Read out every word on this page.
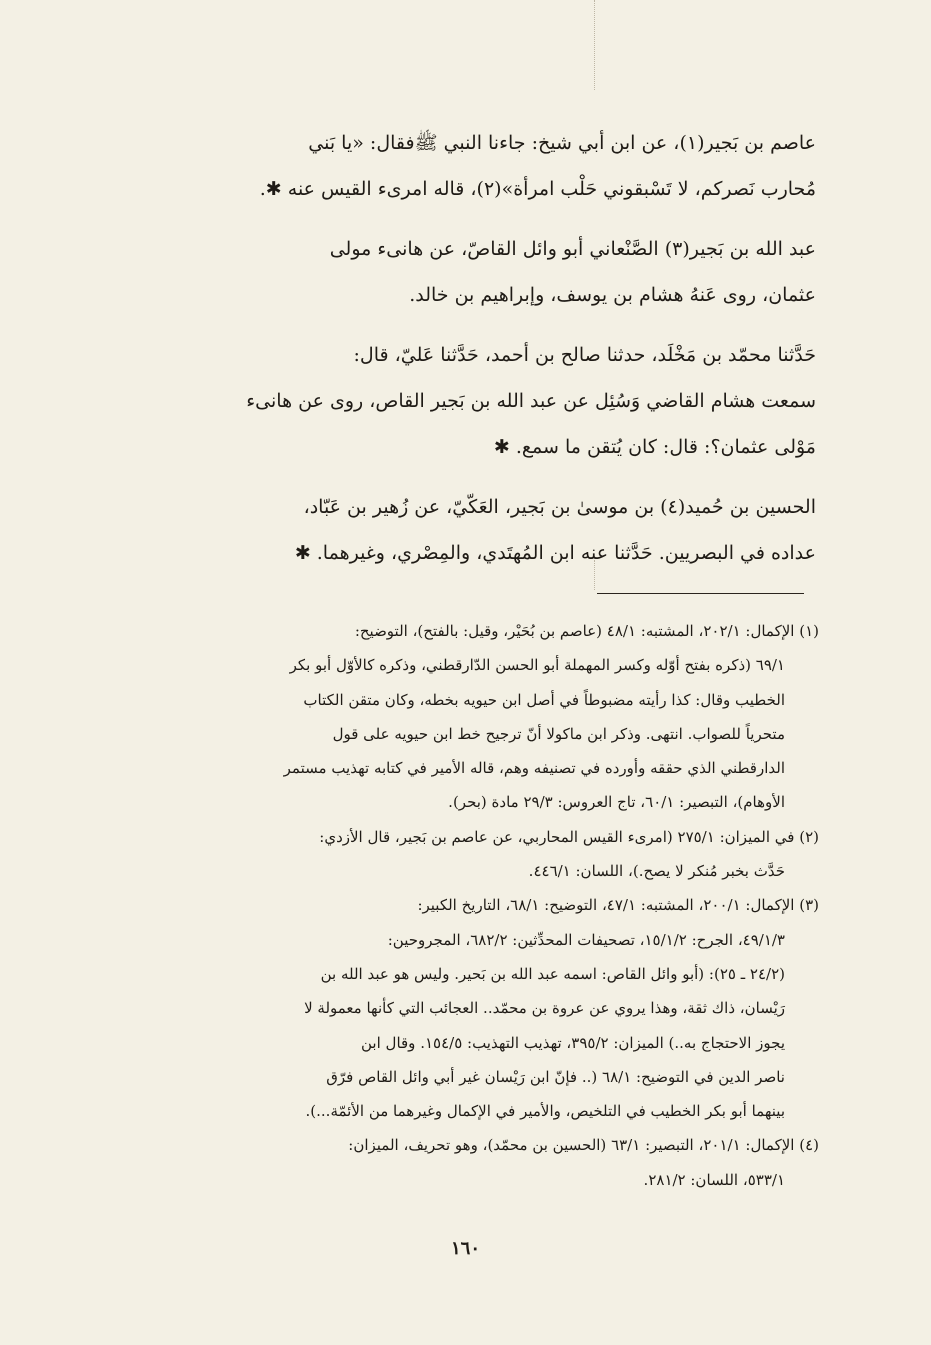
عاصم بن بَجير(١)، عن ابن أبي شيخ: جاءنا النبي ﷺفقال: «يا بَني
مُحارب نَصركم، لا تَسْبقوني حَلْب امرأة»(٢)، قاله امرىء القيس عنه ✱.
عبد الله بن بَجير(٣) الصَّنْعاني أبو وائل القاصّ، عن هانىء مولى
عثمان، روى عَنهُ هشام بن يوسف، وإبراهيم بن خالد.
حَدَّثنا محمّد بن مَخْلَد، حدثنا صالح بن أحمد، حَدَّثنا عَليّ، قال:
سمعت هشام القاضي وَسُئِل عن عبد الله بن بَجير القاص، روى عن هانىء
مَوْلى عثمان؟: قال: كان يُتقن ما سمع. ✱
الحسين بن حُميد(٤) بن موسىٰ بن بَجير، العَكّيّ، عن زُهير بن عَبّاد،
عداده في البصريين. حَدَّثنا عنه ابن المُهتَدي، والمِصْري، وغيرهما. ✱
(١) الإكمال: ٢٠٢/١، المشتبه: ٤٨/١ (عاصم بن بُحَيْر، وقيل: بالفتح)، التوضيح:
٦٩/١ (ذكره بفتح أوّله وكسر المهملة أبو الحسن الدّارقطني، وذكره كالأوّل أبو بكر
الخطيب وقال: كذا رأيته مضبوطاً في أصل ابن حيويه بخطه، وكان متقن الكتاب
متحرياً للصواب. انتهى. وذكر ابن ماكولا أنّ ترجيح خط ابن حيويه على قول
الدارقطني الذي حققه وأورده في تصنيفه وهم، قاله الأمير في كتابه تهذيب مستمر
الأوهام)، التبصير: ٦٠/١، تاج العروس: ٢٩/٣ مادة (بحر).
(٢) في الميزان: ٢٧٥/١ (امرىء القيس المحاربي، عن عاصم بن بَجير، قال الأزدي:
حَدَّث بخبر مُنكر لا يصح.)، اللسان: ٤٤٦/١.
(٣) الإكمال: ٢٠٠/١، المشتبه: ٤٧/١، التوضيح: ٦٨/١، التاريخ الكبير:
٤٩/١/٣، الجرح: ١٥/١/٢، تصحيفات المحدِّثين: ٦٨٢/٢، المجروحين:
(٢٤/٢ ـ ٢٥): (أبو وائل القاص: اسمه عبد الله بن بَحير. وليس هو عبد الله بن
رَيْسان، ذاك ثقة، وهذا يروي عن عروة بن محمّد.. العجائب التي كأنها معمولة لا
يجوز الاحتجاج به..) الميزان: ٣٩٥/٢، تهذيب التهذيب: ١٥٤/٥. وقال ابن
ناصر الدين في التوضيح: ٦٨/١ (.. فإنّ ابن رَيْسان غير أبي وائل القاص فرّق
بينهما أبو بكر الخطيب في التلخيص، والأمير في الإكمال وغيرهما من الأئمّة...).
(٤) الإكمال: ٢٠١/١، التبصير: ٦٣/١ (الحسين بن محمّد)، وهو تحريف، الميزان:
٥٣٣/١، اللسان: ٢٨١/٢.
١٦٠
